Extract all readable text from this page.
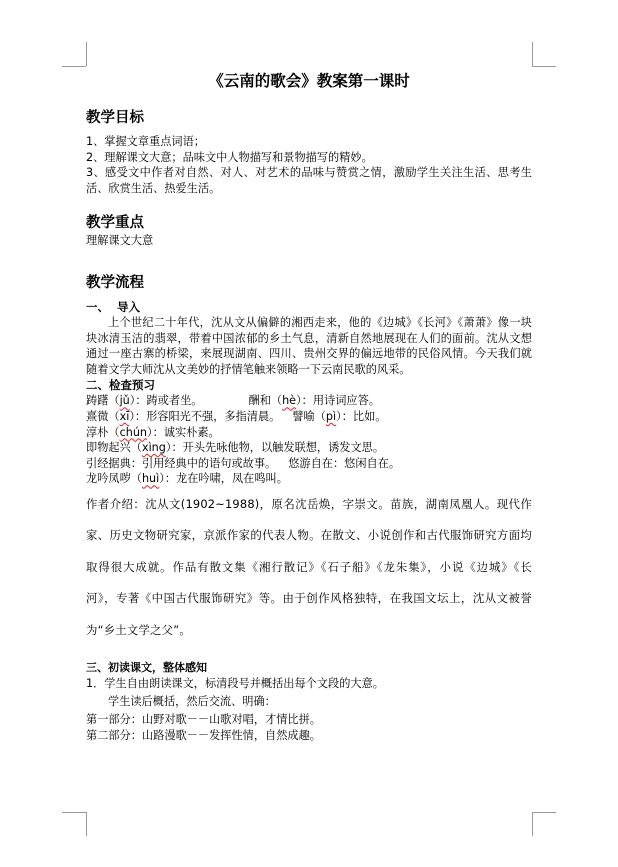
《云南的歌会》教案第一课时

教学目标

1、掌握文章重点词语；

2、理解课文大意；品味文中人物描写和景物描写的精妙。

3、感受文中作者对自然、对人、对艺术的品味与赞赏之情，激励学生关注生活、思考生活、欣赏生活、热爱生活。

教学重点

理解课文大意

教学流程

一、  导入

上个世纪二十年代，沈从文从偏僻的湘西走来，他的《边城》《长河》《萧萧》像一块块冰清玉洁的翡翠，带着中国浓郁的乡土气息，清新自然地展现在人们的面前。沈从文想通过一座古寨的桥梁，来展现湖南、四川、贵州交界的偏远地带的民俗风情。今天我们就随着文学大师沈从文美妙的抒情笔触来领略一下云南民歌的风采。

二、检查预习

踌躇（jǔ）：踌或者坐。	酬和（hè）：用诗词应答。

熹微（xī）：形容阳光不强，多指清晨。 譬喻（pì）：比如。

淳朴（chún）：诚实朴素。

即物起兴（xìng）：开头先咏他物，以触发联想，诱发文思。

引经据典：引用经典中的语句或故事。 悠游自在：悠闲自在。

龙吟凤哕（huì）：龙在吟啸，凤在鸣叫。

作者介绍：沈从文(1902~1988)，原名沈岳焕，字崇文。苗族，湖南凤凰人。现代作家、历史文物研究家，京派作家的代表人物。在散文、小说创作和古代服饰研究方面均取得很大成就。作品有散文集《湘行散记》《石子船》《龙朱集》，小说《边城》《长河》，专著《中国古代服饰研究》等。由于创作风格独特，在我国文坛上，沈从文被誉为“乡土文学之父”。

三、初读课文，整体感知

1．学生自由朗读课文，标清段号并概括出每个文段的大意。

学生读后概括，然后交流、明确：

第一部分：山野对歌－－山歌对唱，才情比拼。

第二部分：山路漫歌－－发挥性情，自然成趣。
